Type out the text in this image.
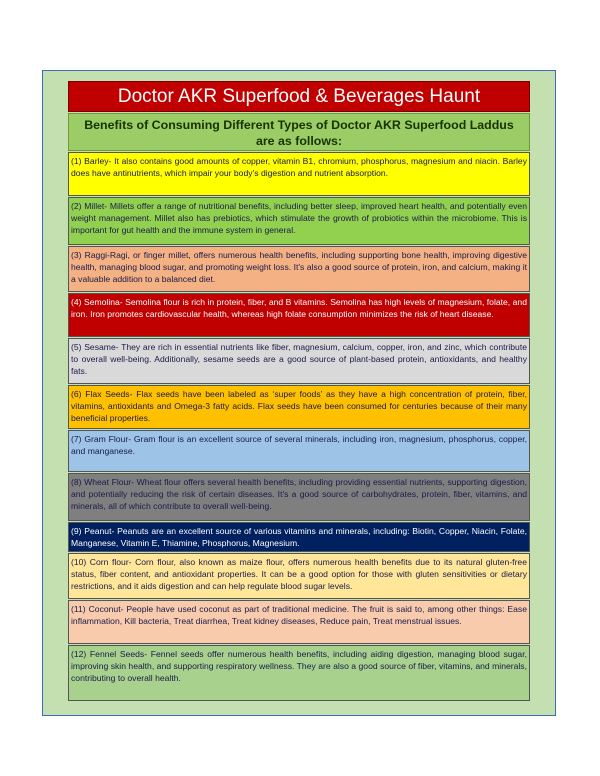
Doctor AKR Superfood & Beverages Haunt
Benefits of Consuming Different Types of Doctor AKR Superfood Laddus are as follows:
(1) Barley- It also contains good amounts of copper, vitamin B1, chromium, phosphorus, magnesium and niacin. Barley does have antinutrients, which impair your body’s digestion and nutrient absorption.
(2) Millet- Millets offer a range of nutritional benefits, including better sleep, improved heart health, and potentially even weight management. Millet also has prebiotics, which stimulate the growth of probiotics within the microbiome. This is important for gut health and the immune system in general.
(3) Raggi-Ragi, or finger millet, offers numerous health benefits, including supporting bone health, improving digestive health, managing blood sugar, and promoting weight loss. It's also a good source of protein, iron, and calcium, making it a valuable addition to a balanced diet.
(4) Semolina- Semolina flour is rich in protein, fiber, and B vitamins. Semolina has high levels of magnesium, folate, and iron. Iron promotes cardiovascular health, whereas high folate consumption minimizes the risk of heart disease.
(5) Sesame- They are rich in essential nutrients like fiber, magnesium, calcium, copper, iron, and zinc, which contribute to overall well-being. Additionally, sesame seeds are a good source of plant-based protein, antioxidants, and healthy fats.
(6) Flax Seeds- Flax seeds have been labeled as ‘super foods’ as they have a high concentration of protein, fiber, vitamins, antioxidants and Omega-3 fatty acids. Flax seeds have been consumed for centuries because of their many beneficial properties.
(7) Gram Flour- Gram flour is an excellent source of several minerals, including iron, magnesium, phosphorus, copper, and manganese.
(8) Wheat Flour- Wheat flour offers several health benefits, including providing essential nutrients, supporting digestion, and potentially reducing the risk of certain diseases. It's a good source of carbohydrates, protein, fiber, vitamins, and minerals, all of which contribute to overall well-being.
(9) Peanut- Peanuts are an excellent source of various vitamins and minerals, including: Biotin, Copper, Niacin, Folate, Manganese, Vitamin E, Thiamine, Phosphorus, Magnesium.
(10) Corn flour- Corn flour, also known as maize flour, offers numerous health benefits due to its natural gluten-free status, fiber content, and antioxidant properties. It can be a good option for those with gluten sensitivities or dietary restrictions, and it aids digestion and can help regulate blood sugar levels.
(11) Coconut- People have used coconut as part of traditional medicine. The fruit is said to, among other things: Ease inflammation, Kill bacteria, Treat diarrhea, Treat kidney diseases, Reduce pain, Treat menstrual issues.
(12) Fennel Seeds- Fennel seeds offer numerous health benefits, including aiding digestion, managing blood sugar, improving skin health, and supporting respiratory wellness. They are also a good source of fiber, vitamins, and minerals, contributing to overall health.
